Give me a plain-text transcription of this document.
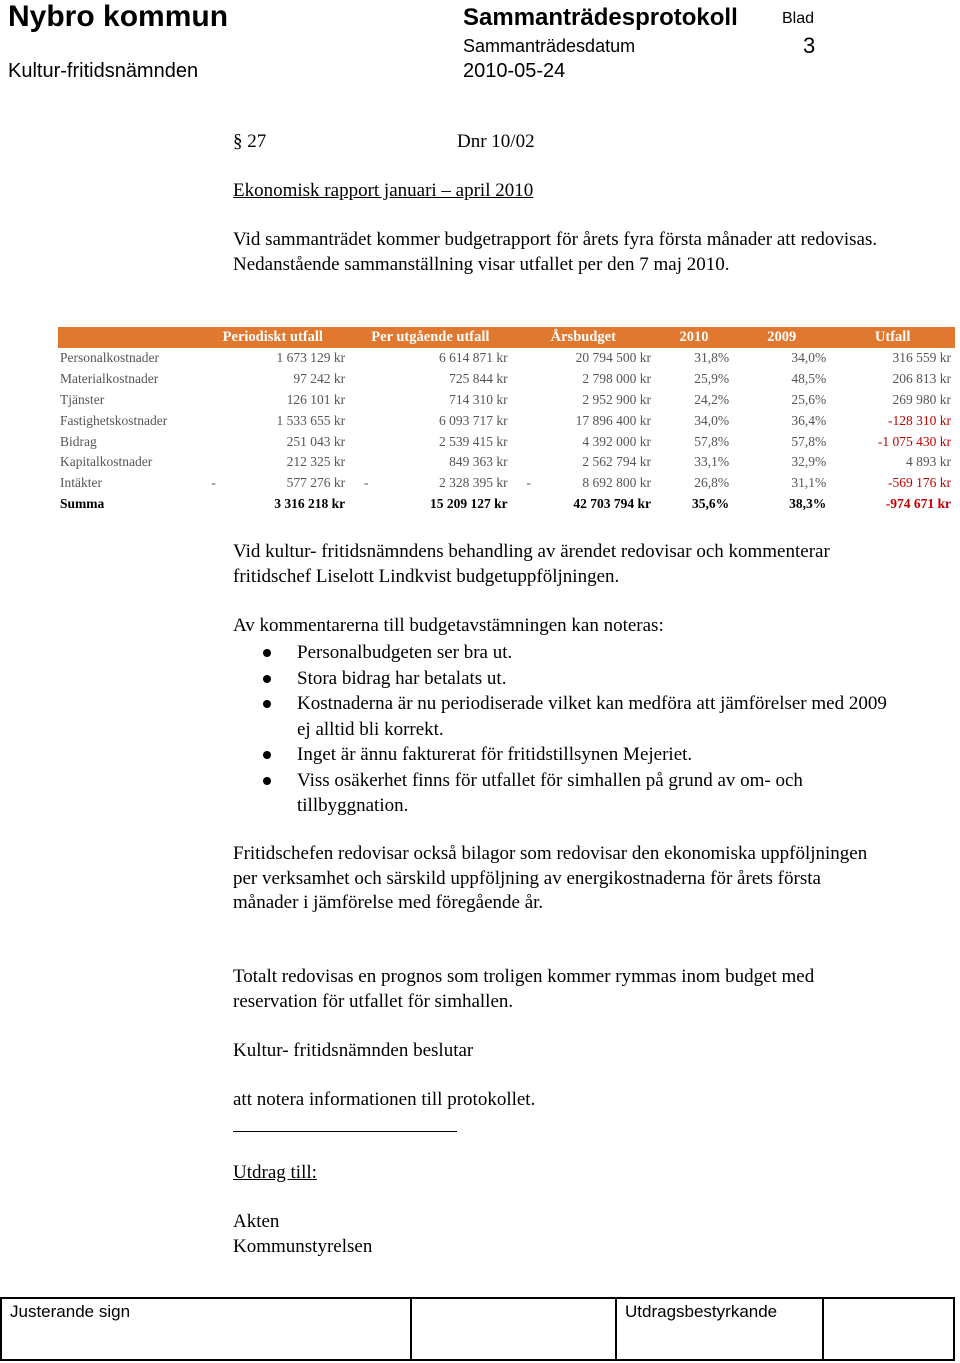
Nybro kommun	Sammanträdesprotokoll	Blad
Sammanträdesdatum	3
Kultur-fritidsnämnden	2010-05-24
§ 27	Dnr 10/02
Ekonomisk rapport januari – april 2010
Vid sammanträdet kommer budgetrapport för årets fyra första månader att redovisas. Nedanstående sammanställning visar utfallet per den 7 maj 2010.
	Periodiskt utfall		Per utgående utfall		Årsbudget		2010	2009	Utfall
Personalkostnader		1 673 129 kr		6 614 871 kr		20 794 500 kr	31,8%	34,0%	316 559 kr
Materialkostnader		97 242 kr		725 844 kr		2 798 000 kr	25,9%	48,5%	206 813 kr
Tjänster		126 101 kr		714 310 kr		2 952 900 kr	24,2%	25,6%	269 980 kr
Fastighetskostnader		1 533 655 kr		6 093 717 kr		17 896 400 kr	34,0%	36,4%	-128 310 kr
Bidrag		251 043 kr		2 539 415 kr		4 392 000 kr	57,8%	57,8%	-1 075 430 kr
Kapitalkostnader		212 325 kr		849 363 kr		2 562 794 kr	33,1%	32,9%	4 893 kr
Intäkter	-	577 276 kr	-	2 328 395 kr	-	8 692 800 kr	26,8%	31,1%	-569 176 kr
Summa		3 316 218 kr		15 209 127 kr		42 703 794 kr	35,6%	38,3%	-974 671 kr
Vid kultur- fritidsnämndens behandling av ärendet redovisar och kommenterar fritidschef Liselott Lindkvist budgetuppföljningen.
Av kommentarerna till budgetavstämningen kan noteras:
Personalbudgeten ser bra ut.
Stora bidrag har betalats ut.
Kostnaderna är nu periodiserade vilket kan medföra att jämförelser med 2009 ej alltid bli korrekt.
Inget är ännu fakturerat för fritidstillsynen Mejeriet.
Viss osäkerhet finns för utfallet för simhallen på grund av om- och tillbyggnation.
Fritidschefen redovisar också bilagor som redovisar den ekonomiska uppföljningen per verksamhet och särskild uppföljning av energikostnaderna för årets första månader i jämförelse med föregående år.
Totalt redovisas en prognos som troligen kommer rymmas inom budget med reservation för utfallet för simhallen.
Kultur- fritidsnämnden beslutar
att notera informationen till protokollet.
Utdrag till:
Akten
Kommunstyrelsen
Justerande sign	Utdragsbestyrkande
